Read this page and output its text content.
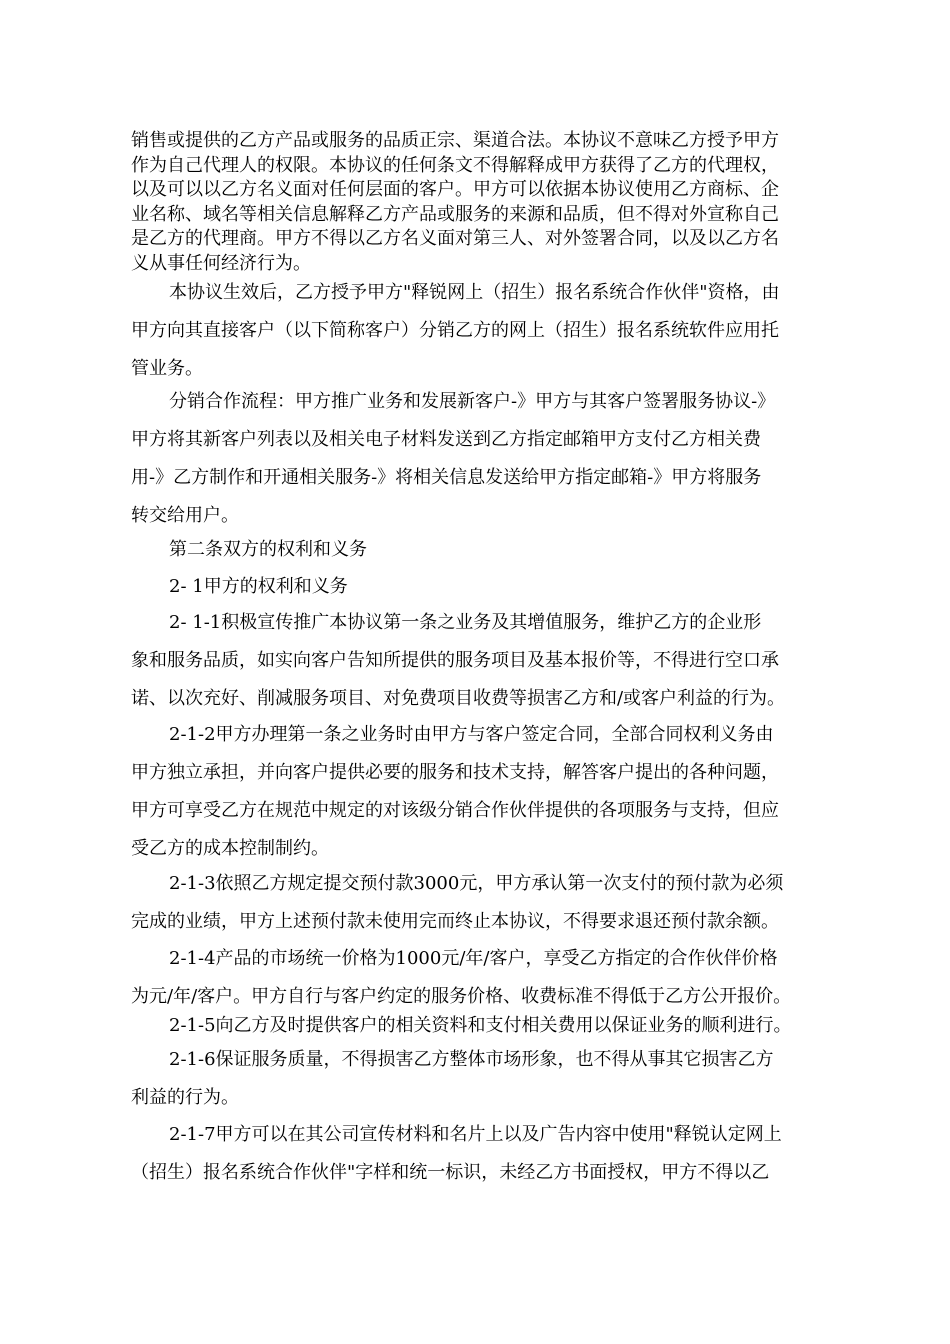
销售或提供的乙方产品或服务的品质正宗、渠道合法。本协议不意味乙方授予甲方
作为自己代理人的权限。本协议的任何条文不得解释成甲方获得了乙方的代理权，
以及可以以乙方名义面对任何层面的客户。甲方可以依据本协议使用乙方商标、企
业名称、域名等相关信息解释乙方产品或服务的来源和品质，但不得对外宣称自己
是乙方的代理商。甲方不得以乙方名义面对第三人、对外签署合同，以及以乙方名
义从事任何经济行为。
本协议生效后，乙方授予甲方"释锐网上（招生）报名系统合作伙伴"资格，由
甲方向其直接客户（以下简称客户）分销乙方的网上（招生）报名系统软件应用托
管业务。
分销合作流程：甲方推广业务和发展新客户-》甲方与其客户签署服务协议-》
甲方将其新客户列表以及相关电子材料发送到乙方指定邮箱甲方支付乙方相关费
用-》乙方制作和开通相关服务-》将相关信息发送给甲方指定邮箱-》甲方将服务
转交给用户。
第二条双方的权利和义务
2- 1甲方的权利和义务
2- 1-1积极宣传推广本协议第一条之业务及其增值服务，维护乙方的企业形
象和服务品质，如实向客户告知所提供的服务项目及基本报价等，不得进行空口承
诺、以次充好、削减服务项目、对免费项目收费等损害乙方和/或客户利益的行为。
2-1-2甲方办理第一条之业务时由甲方与客户签定合同，全部合同权利义务由
甲方独立承担，并向客户提供必要的服务和技术支持，解答客户提出的各种问题，
甲方可享受乙方在规范中规定的对该级分销合作伙伴提供的各项服务与支持，但应
受乙方的成本控制制约。
2-1-3依照乙方规定提交预付款3000元，甲方承认第一次支付的预付款为必须
完成的业绩，甲方上述预付款未使用完而终止本协议，不得要求退还预付款余额。
2-1-4产品的市场统一价格为1000元/年/客户，享受乙方指定的合作伙伴价格
为元/年/客户。甲方自行与客户约定的服务价格、收费标准不得低于乙方公开报价。
2-1-5向乙方及时提供客户的相关资料和支付相关费用以保证业务的顺利进行。
2-1-6保证服务质量，不得损害乙方整体市场形象，也不得从事其它损害乙方
利益的行为。
2-1-7甲方可以在其公司宣传材料和名片上以及广告内容中使用"释锐认定网上
（招生）报名系统合作伙伴"字样和统一标识，未经乙方书面授权，甲方不得以乙
